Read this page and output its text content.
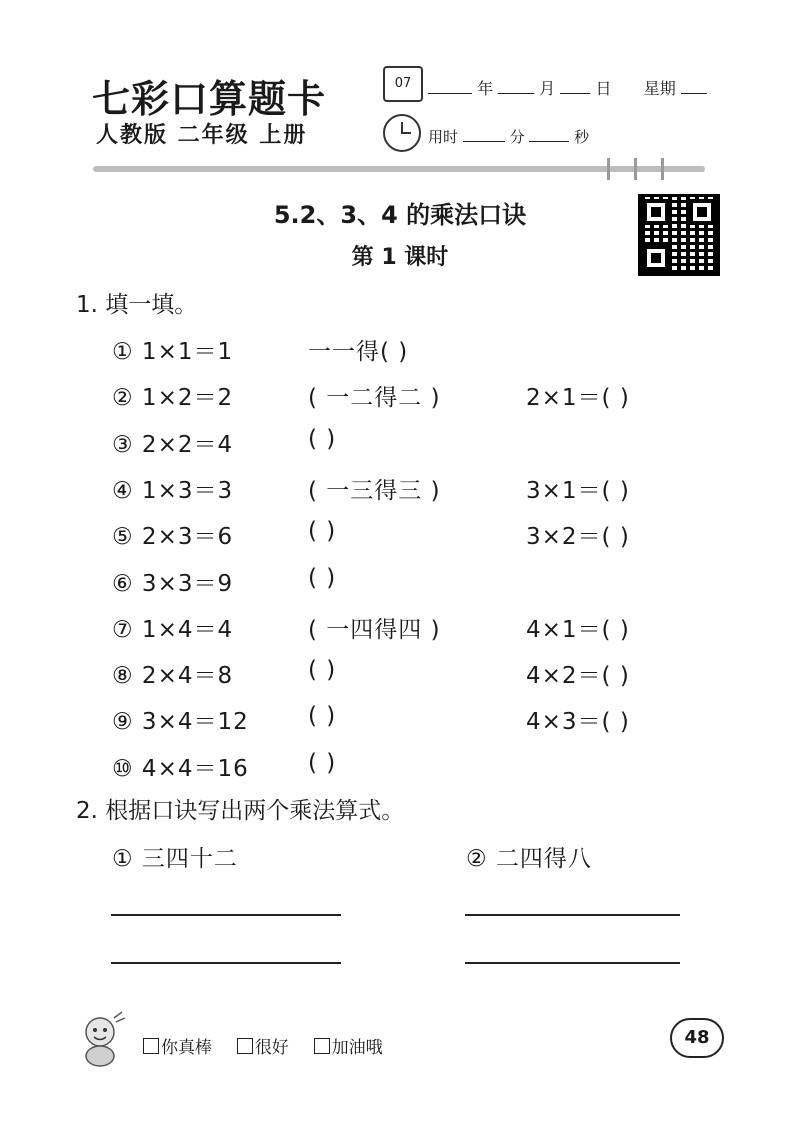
七彩口算题卡
人教版 二年级 上册
07	年	月	日 星期
用时	分	秒
5.2、3、4 的乘法口诀
第 1 课时
1. 填一填。
① 1×1＝1	一一得( )
② 1×2＝2	( 一二得二 )	2×1＝( )
③ 2×2＝4	( )
④ 1×3＝3	( 一三得三 )	3×1＝( )
⑤ 2×3＝6	( )	3×2＝( )
⑥ 3×3＝9	( )
⑦ 1×4＝4	( 一四得四 )	4×1＝( )
⑧ 2×4＝8	( )	4×2＝( )
⑨ 3×4＝12	( )	4×3＝( )
⑩ 4×4＝16	( )
2. 根据口诀写出两个乘法算式。
① 三四十二	② 二四得八
你真棒	很好	加油哦	48
